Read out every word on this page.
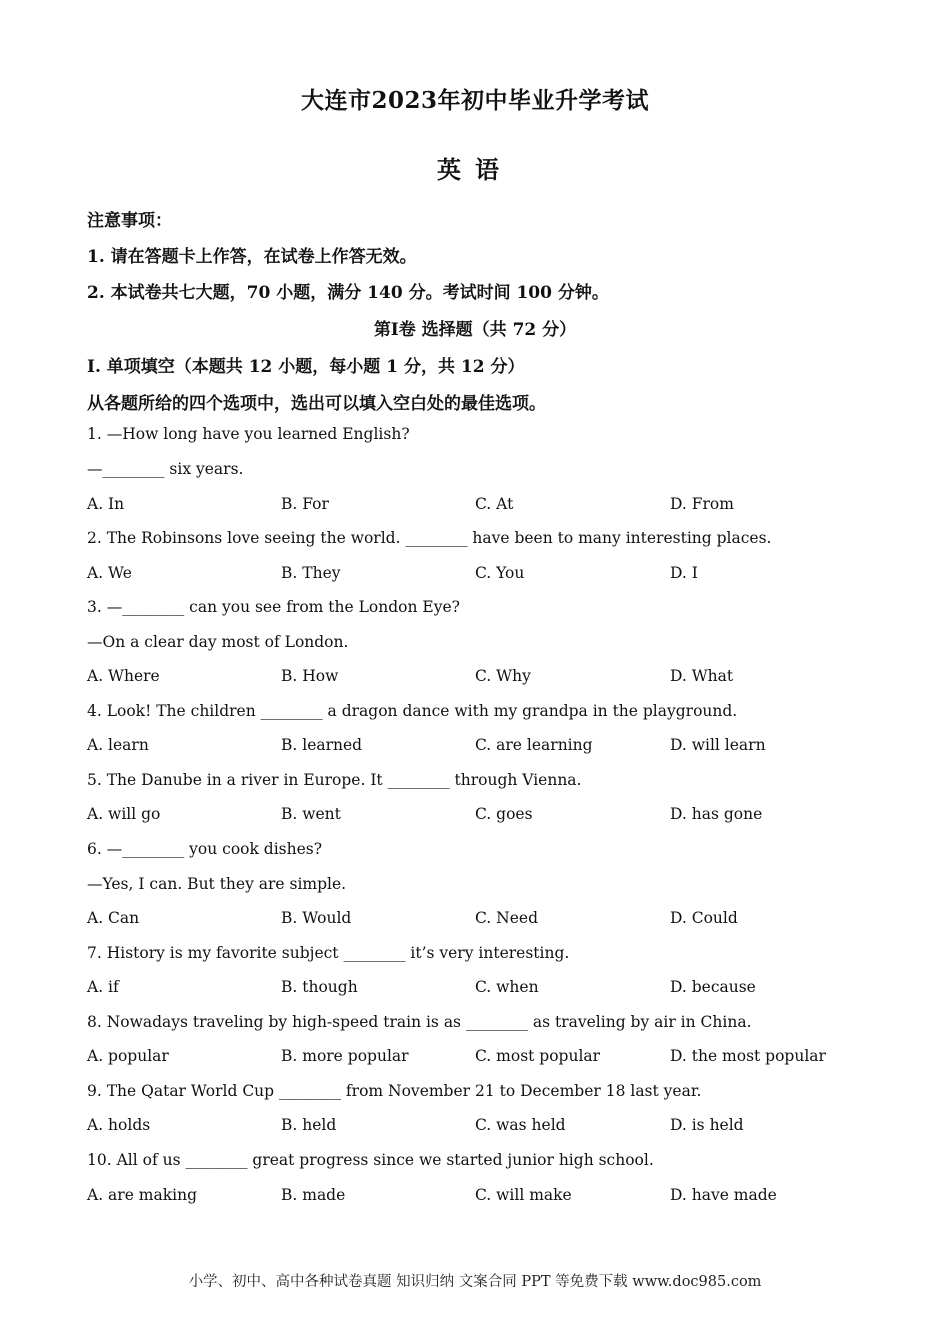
大连市2023年初中毕业升学考试
英语

注意事项：

1. 请在答题卡上作答，在试卷上作答无效。

2. 本试卷共七大题，70 小题，满分 140 分。考试时间 100 分钟。

第Ⅰ卷 选择题（共 72 分）

Ⅰ. 单项填空（本题共 12 小题，每小题 1 分，共 12 分）

从各题所给的四个选项中，选出可以填入空白处的最佳选项。

1. —How long have you learned English?

—________ six years.

A. In	B. For	C. At	D. From

2. The Robinsons love seeing the world. ________ have been to many interesting places.

A. We	B. They	C. You	D. I

3. —________ can you see from the London Eye?

—On a clear day most of London.

A. Where	B. How	C. Why	D. What

4. Look! The children ________ a dragon dance with my grandpa in the playground.

A. learn	B. learned	C. are learning	D. will learn

5. The Danube in a river in Europe. It ________ through Vienna.

A. will go	B. went	C. goes	D. has gone

6. —________ you cook dishes?

—Yes, I can. But they are simple.

A. Can	B. Would	C. Need	D. Could

7. History is my favorite subject ________ it’s very interesting.

A. if	B. though	C. when	D. because

8. Nowadays traveling by high-speed train is as ________ as traveling by air in China.

A. popular	B. more popular	C. most popular	D. the most popular

9. The Qatar World Cup ________ from November 21 to December 18 last year.

A. holds	B. held	C. was held	D. is held

10. All of us ________ great progress since we started junior high school.

A. are making	B. made	C. will make	D. have made
小学、初中、高中各种试卷真题 知识归纳 文案合同 PPT 等免费下载 www.doc985.com
